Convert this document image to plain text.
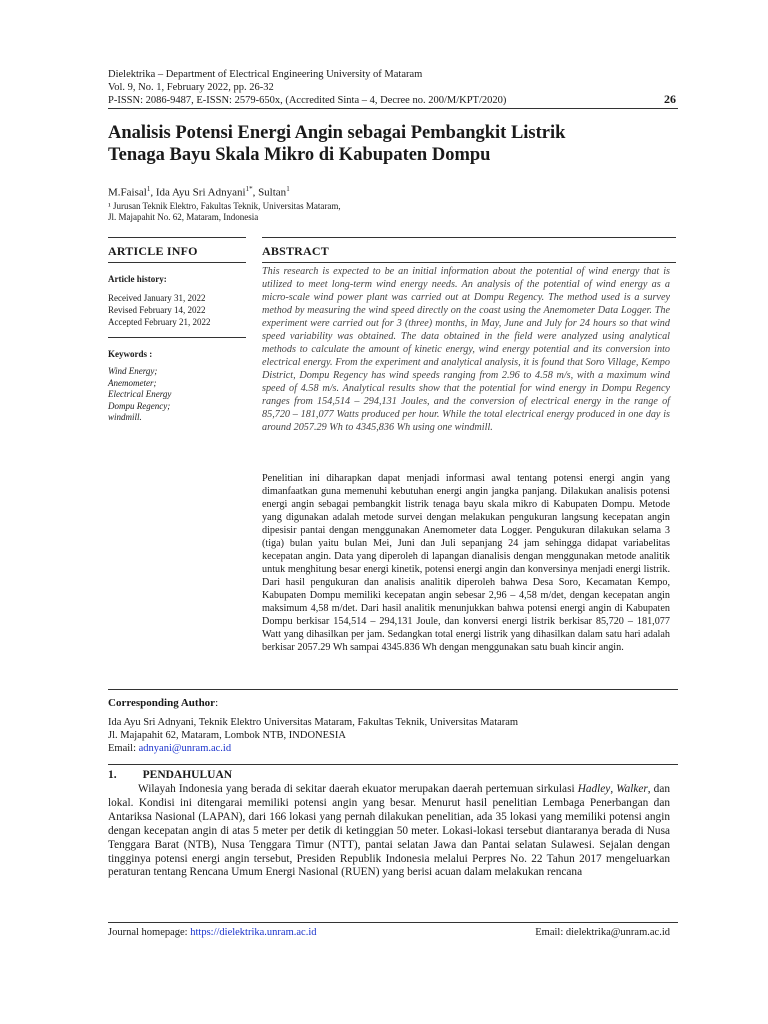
Dielektrika – Department of Electrical Engineering University of Mataram
Vol. 9, No. 1, February 2022, pp. 26-32
P-ISSN: 2086-9487, E-ISSN: 2579-650x, (Accredited Sinta – 4, Decree no. 200/M/KPT/2020)	26
Analisis Potensi Energi Angin sebagai Pembangkit Listrik
Tenaga Bayu Skala Mikro di Kabupaten Dompu
M.Faisal$^1$, Ida Ayu Sri Adnyani$^{1*}$, Sultan$^1$
¹ Jurusan Teknik Elektro, Fakultas Teknik, Universitas Mataram,
Jl. Majapahit No. 62, Mataram, Indonesia
ARTICLE INFO	ABSTRACT
Article history:
Received January 31, 2022
Revised February 14, 2022
Accepted February 21, 2022
Keywords :
Wind Energy;
Anemometer;
Electrical Energy
Dompu Regency;
windmill.

This research is expected to be an initial information about the potential of wind energy that is utilized to meet long-term wind energy needs. An analysis of the potential of wind energy as a micro-scale wind power plant was carried out at Dompu Regency. The method used is a survey method by measuring the wind speed directly on the coast using the Anemometer Data Logger. The experiment were carried out for 3 (three) months, in May, June and July for 24 hours so that wind speed variability was obtained. The data obtained in the field were analyzed using analytical methods to calculate the amount of kinetic energy, wind energy potential and its conversion into electrical energy. From the experiment and analytical analysis, it is found that Soro Village, Kempo District, Dompu Regency has wind speeds ranging from 2.96 to 4.58 m/s, with a maximum wind speed of 4.58 m/s. Analytical results show that the potential for wind energy in Dompu Regency ranges from 154,514 – 294,131 Joules, and the conversion of electrical energy in the range of 85,720 – 181,077 Watts produced per hour. While the total electrical energy produced in one day is around 2057.29 Wh to 4345,836 Wh using one windmill.

Penelitian ini diharapkan dapat menjadi informasi awal tentang potensi energi angin yang dimanfaatkan guna memenuhi kebutuhan energi angin jangka panjang. Dilakukan analisis potensi energi angin sebagai pembangkit listrik tenaga bayu skala mikro di Kabupaten Dompu. Metode yang digunakan adalah metode survei dengan melakukan pengukuran langsung kecepatan angin dipesisir pantai dengan menggunakan Anemometer data Logger. Pengukuran dilakukan selama 3 (tiga) bulan yaitu bulan Mei, Juni dan Juli sepanjang 24 jam sehingga didapat variabelitas kecepatan angin. Data yang diperoleh di lapangan dianalisis dengan menggunakan metode analitik untuk menghitung besar energi kinetik, potensi energi angin dan konversinya menjadi energi listrik. Dari hasil pengukuran dan analisis analitik diperoleh bahwa Desa Soro, Kecamatan Kempo, Kabupaten Dompu memiliki kecepatan angin sebesar 2,96 – 4,58 m/det, dengan kecepatan angin maksimum 4,58 m/det. Dari hasil analitik menunjukkan bahwa potensi energi angin di Kabupaten Dompu berkisar 154,514 – 294,131 Joule, dan konversi energi listrik berkisar 85,720 – 181,077 Watt yang dihasilkan per jam. Sedangkan total energi listrik yang dihasilkan dalam satu hari adalah berkisar 2057.29 Wh sampai 4345.836 Wh dengan menggunakan satu buah kincir angin.

Corresponding Author:
Ida Ayu Sri Adnyani, Teknik Elektro Universitas Mataram, Fakultas Teknik, Universitas Mataram
Jl. Majapahit 62, Mataram, Lombok NTB, INDONESIA
Email: adnyani@unram.ac.id
1. PENDAHULUAN

Wilayah Indonesia yang berada di sekitar daerah ekuator merupakan daerah pertemuan sirkulasi Hadley, Walker, dan lokal. Kondisi ini ditengarai memiliki potensi angin yang besar. Menurut hasil penelitian Lembaga Penerbangan dan Antariksa Nasional (LAPAN), dari 166 lokasi yang pernah dilakukan penelitian, ada 35 lokasi yang memiliki potensi angin dengan kecepatan angin di atas 5 meter per detik di ketinggian 50 meter. Lokasi-lokasi tersebut diantaranya berada di Nusa Tenggara Barat (NTB), Nusa Tenggara Timur (NTT), pantai selatan Jawa dan Pantai selatan Sulawesi. Sejalan dengan tingginya potensi energi angin tersebut, Presiden Republik Indonesia melalui Perpres No. 22 Tahun 2017 mengeluarkan peraturan tentang Rencana Umum Energi Nasional (RUEN) yang berisi acuan dalam melakukan rencana

Journal homepage: https://dielektrika.unram.ac.id	Email: dielektrika@unram.ac.id
